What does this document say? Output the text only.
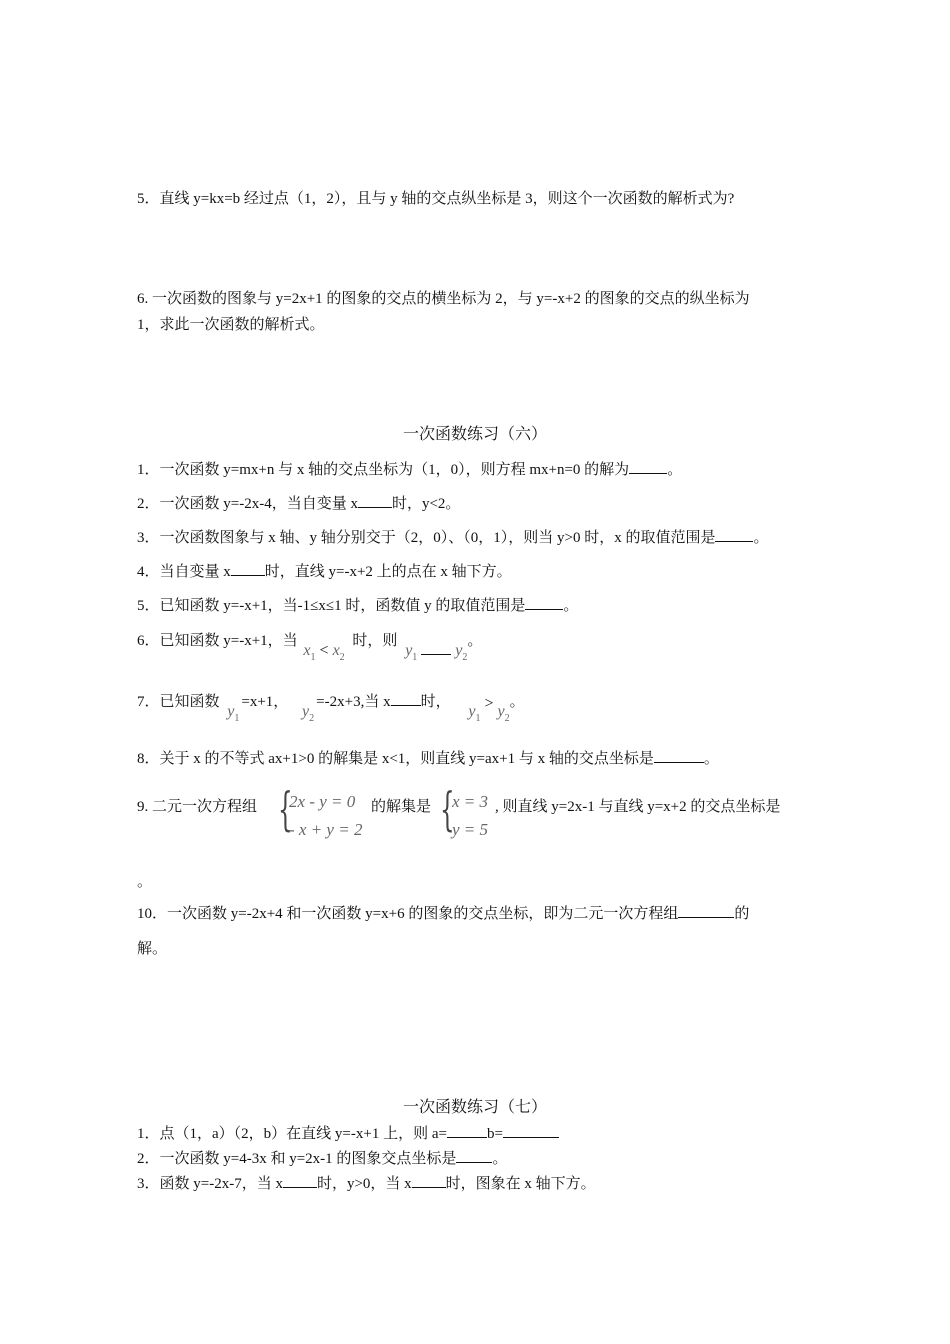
5．直线 y=kx=b 经过点（1，2），且与 y 轴的交点纵坐标是 3，则这个一次函数的解析式为?
6. 一次函数的图象与 y=2x+1 的图象的交点的横坐标为 2，与 y=-x+2 的图象的交点的纵坐标为
1，求此一次函数的解析式。
一次函数练习（六）
1．一次函数 y=mx+n 与 x 轴的交点坐标为（1，0），则方程 mx+n=0 的解为	。
2．一次函数 y=-2x-4，当自变量 x 时，y<2。
3．一次函数图象与 x 轴、y 轴分别交于（2，0）、（0，1），则当 y>0 时，x 的取值范围是	。
4．当自变量 x 时，直线 y=-x+2 上的点在 x 轴下方。
5．已知函数 y=-x+1，当-1≤x≤1 时，函数值 y 的取值范围是	。
6．已知函数 y=-x+1，当 $x_1 < x_2$ 时，则 $y_1$ $y_2$。
7．已知函数 $y_1=x+1$， $y_2=-2x+3$,当 x 时， $y_1 > y_2$。
8．关于 x 的不等式 ax+1>0 的解集是 x<1，则直线 y=ax+1 与 x 轴的交点坐标是	。
9. 二元一次方程组 {
2x - y = 0
- x + y = 2
的解集是 {
x = 3
y = 5
, 则直线 y=2x-1 与直线 y=x+2 的交点坐标是
。
10．一次函数 y=-2x+4 和一次函数 y=x+6 的图象的交点坐标，即为二元一次方程组	的
解。
一次函数练习（七）
1．点（1，a）（2，b）在直线 y=-x+1 上，则 a=	b=
2．一次函数 y=4-3x 和 y=2x-1 的图象交点坐标是 。
3．函数 y=-2x-7，当 x 时，y>0，当 x 时，图象在 x 轴下方。
